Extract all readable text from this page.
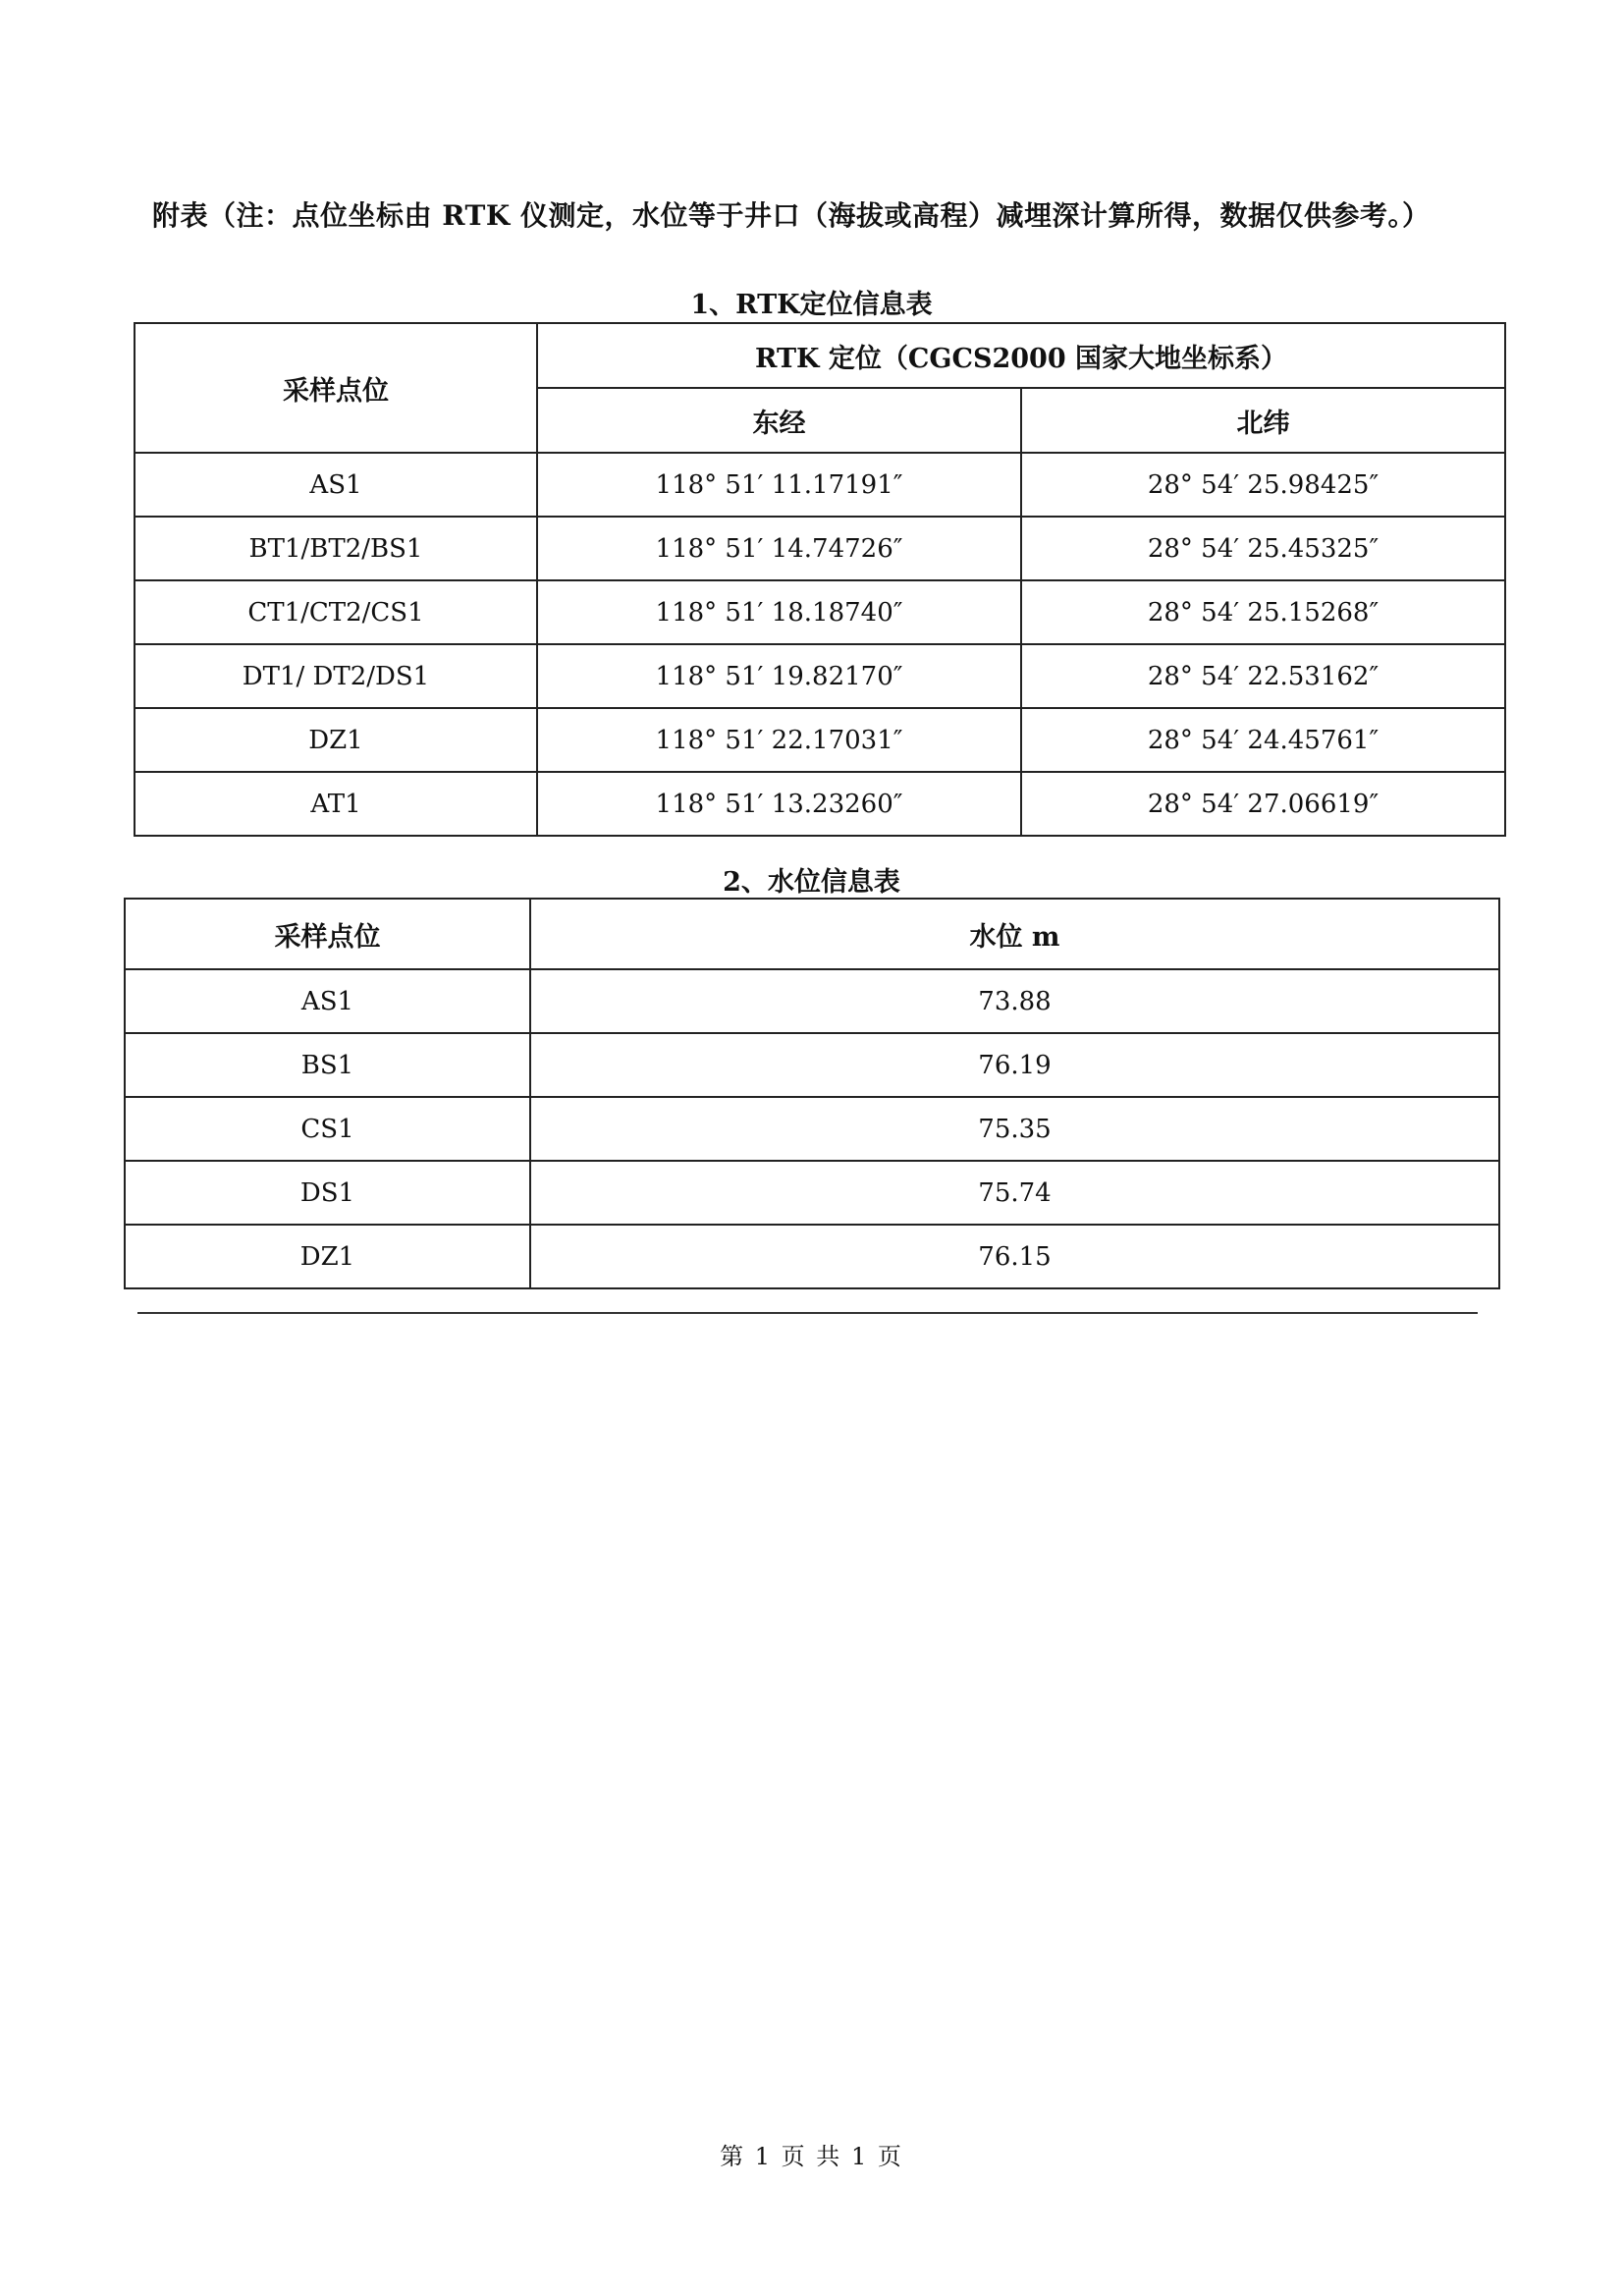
附表（注：点位坐标由 RTK 仪测定，水位等于井口（海拔或高程）减埋深计算所得，数据仅供参考。）
1、RTK定位信息表
采样点位	RTK 定位（CGCS2000 国家大地坐标系）	
	东经	北纬
AS1	118° 51′ 11.17191″	28° 54′ 25.98425″
BT1/BT2/BS1	118° 51′ 14.74726″	28° 54′ 25.45325″
CT1/CT2/CS1	118° 51′ 18.18740″	28° 54′ 25.15268″
DT1/ DT2/DS1	118° 51′ 19.82170″	28° 54′ 22.53162″
DZ1	118° 51′ 22.17031″	28° 54′ 24.45761″
AT1	118° 51′ 13.23260″	28° 54′ 27.06619″
2、水位信息表
采样点位	水位 m
AS1	73.88
BS1	76.19
CS1	75.35
DS1	75.74
DZ1	76.15
第 1 页 共 1 页
